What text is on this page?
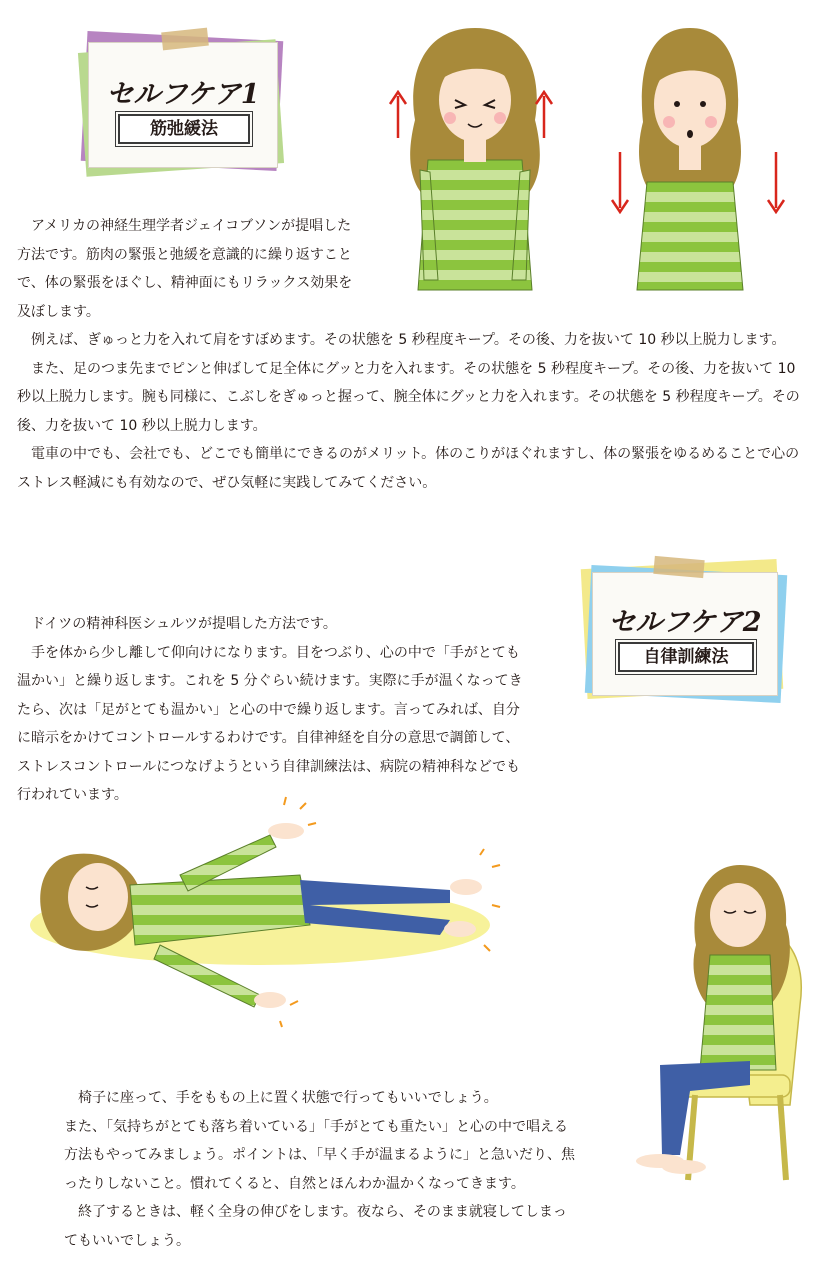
セルフケア1
筋弛緩法

　アメリカの神経生理学者ジェイコブソンが提唱した方法です。筋肉の緊張と弛緩を意識的に繰り返すことで、体の緊張をほぐし、精神面にもリラックス効果を及ぼします。

　例えば、ぎゅっと力を入れて肩をすぼめます。その状態を 5 秒程度キープ。その後、力を抜いて 10 秒以上脱力します。

　また、足のつま先までピンと伸ばして足全体にグッと力を入れます。その状態を 5 秒程度キープ。その後、力を抜いて 10 秒以上脱力します。腕も同様に、こぶしをぎゅっと握って、腕全体にグッと力を入れます。その状態を 5 秒程度キープ。その後、力を抜いて 10 秒以上脱力します。

　電車の中でも、会社でも、どこでも簡単にできるのがメリット。体のこりがほぐれますし、体の緊張をゆるめることで心のストレス軽減にも有効なので、ぜひ気軽に実践してみてください。

セルフケア2
自律訓練法

　ドイツの精神科医シュルツが提唱した方法です。

　手を体から少し離して仰向けになります。目をつぶり、心の中で「手がとても温かい」と繰り返します。これを 5 分ぐらい続けます。実際に手が温くなってきたら、次は「足がとても温かい」と心の中で繰り返します。言ってみれば、自分に暗示をかけてコントロールするわけです。自律神経を自分の意思で調節して、ストレスコントロールにつなげようという自律訓練法は、病院の精神科などでも行われています。

　椅子に座って、手をももの上に置く状態で行ってもいいでしょう。

また、「気持ちがとても落ち着いている」「手がとても重たい」と心の中で唱える方法もやってみましょう。ポイントは、「早く手が温まるように」と急いだり、焦ったりしないこと。慣れてくると、自然とほんわか温かくなってきます。

　終了するときは、軽く全身の伸びをします。夜なら、そのまま就寝してしまってもいいでしょう。
